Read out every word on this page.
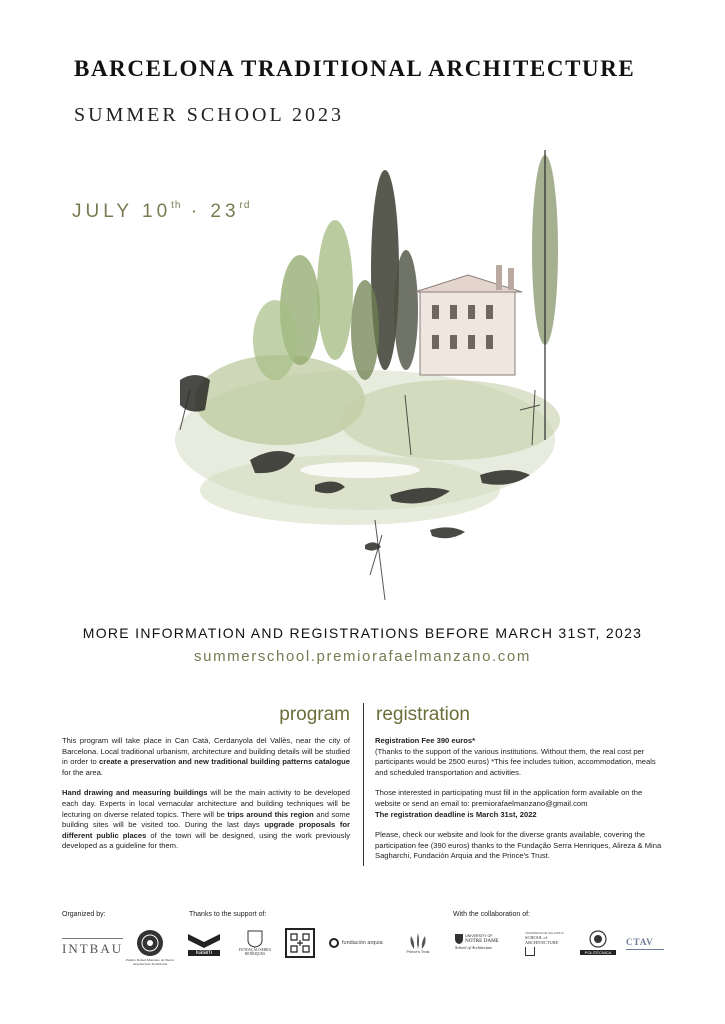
BARCELONA TRADITIONAL ARCHITECTURE
SUMMER SCHOOL 2023
JULY 10th · 23rd
MORE INFORMATION AND REGISTRATIONS BEFORE MARCH 31ST, 2023
summerschool.premiorafaelmanzano.com
program registration

This program will take place in Can Catà, Cerdanyola del Vallès, near the city of Barcelona. Local traditional urbanism, architecture and building details will be studied in order to create a preservation and new traditional building patterns catalogue for the area.

Hand drawing and measuring buildings will be the main activity to be developed each day. Experts in local vernacular architecture and building techniques will be lecturing on diverse related topics. There will be trips around this region and some building sites will be visited too. During the last days upgrade proposals for different public places of the town will be designed, using the work previously developed as a guideline for them.

Registration Fee 390 euros*
(Thanks to the support of the various institutions. Without them, the real cost per participants would be 2500 euros) *This fee includes tuition, accommodation, meals and scheduled transportation and activities.

Those interested in participating must fill in the application form available on the website or send an email to: premiorafaelmanzano@gmail.com
The registration deadline is March 31st, 2022

Please, check our website and look for the diverse grants available, covering the participation fee (390 euros) thanks to the Fundação Serra Henriques, Alireza & Mina Sagharchi, Fundación Arquia and the Prince's Trust.

Organized by:	Thanks to the support of:	With the collaboration of:
INTBAU
Premio Rafael Manzano de Nueva Arquitectura Tradicional
kalam	FUNDAÇÃO SERRA HENRIQUES
fundación arquia
Prince's Trust
UNIVERSITY OF
NOTRE DAME
School of Architecture
UNIVERSIDAD DE VALLADOLID
SCHOOL of
ARCHITECTURE
POLITÈCNICA
CTAV
